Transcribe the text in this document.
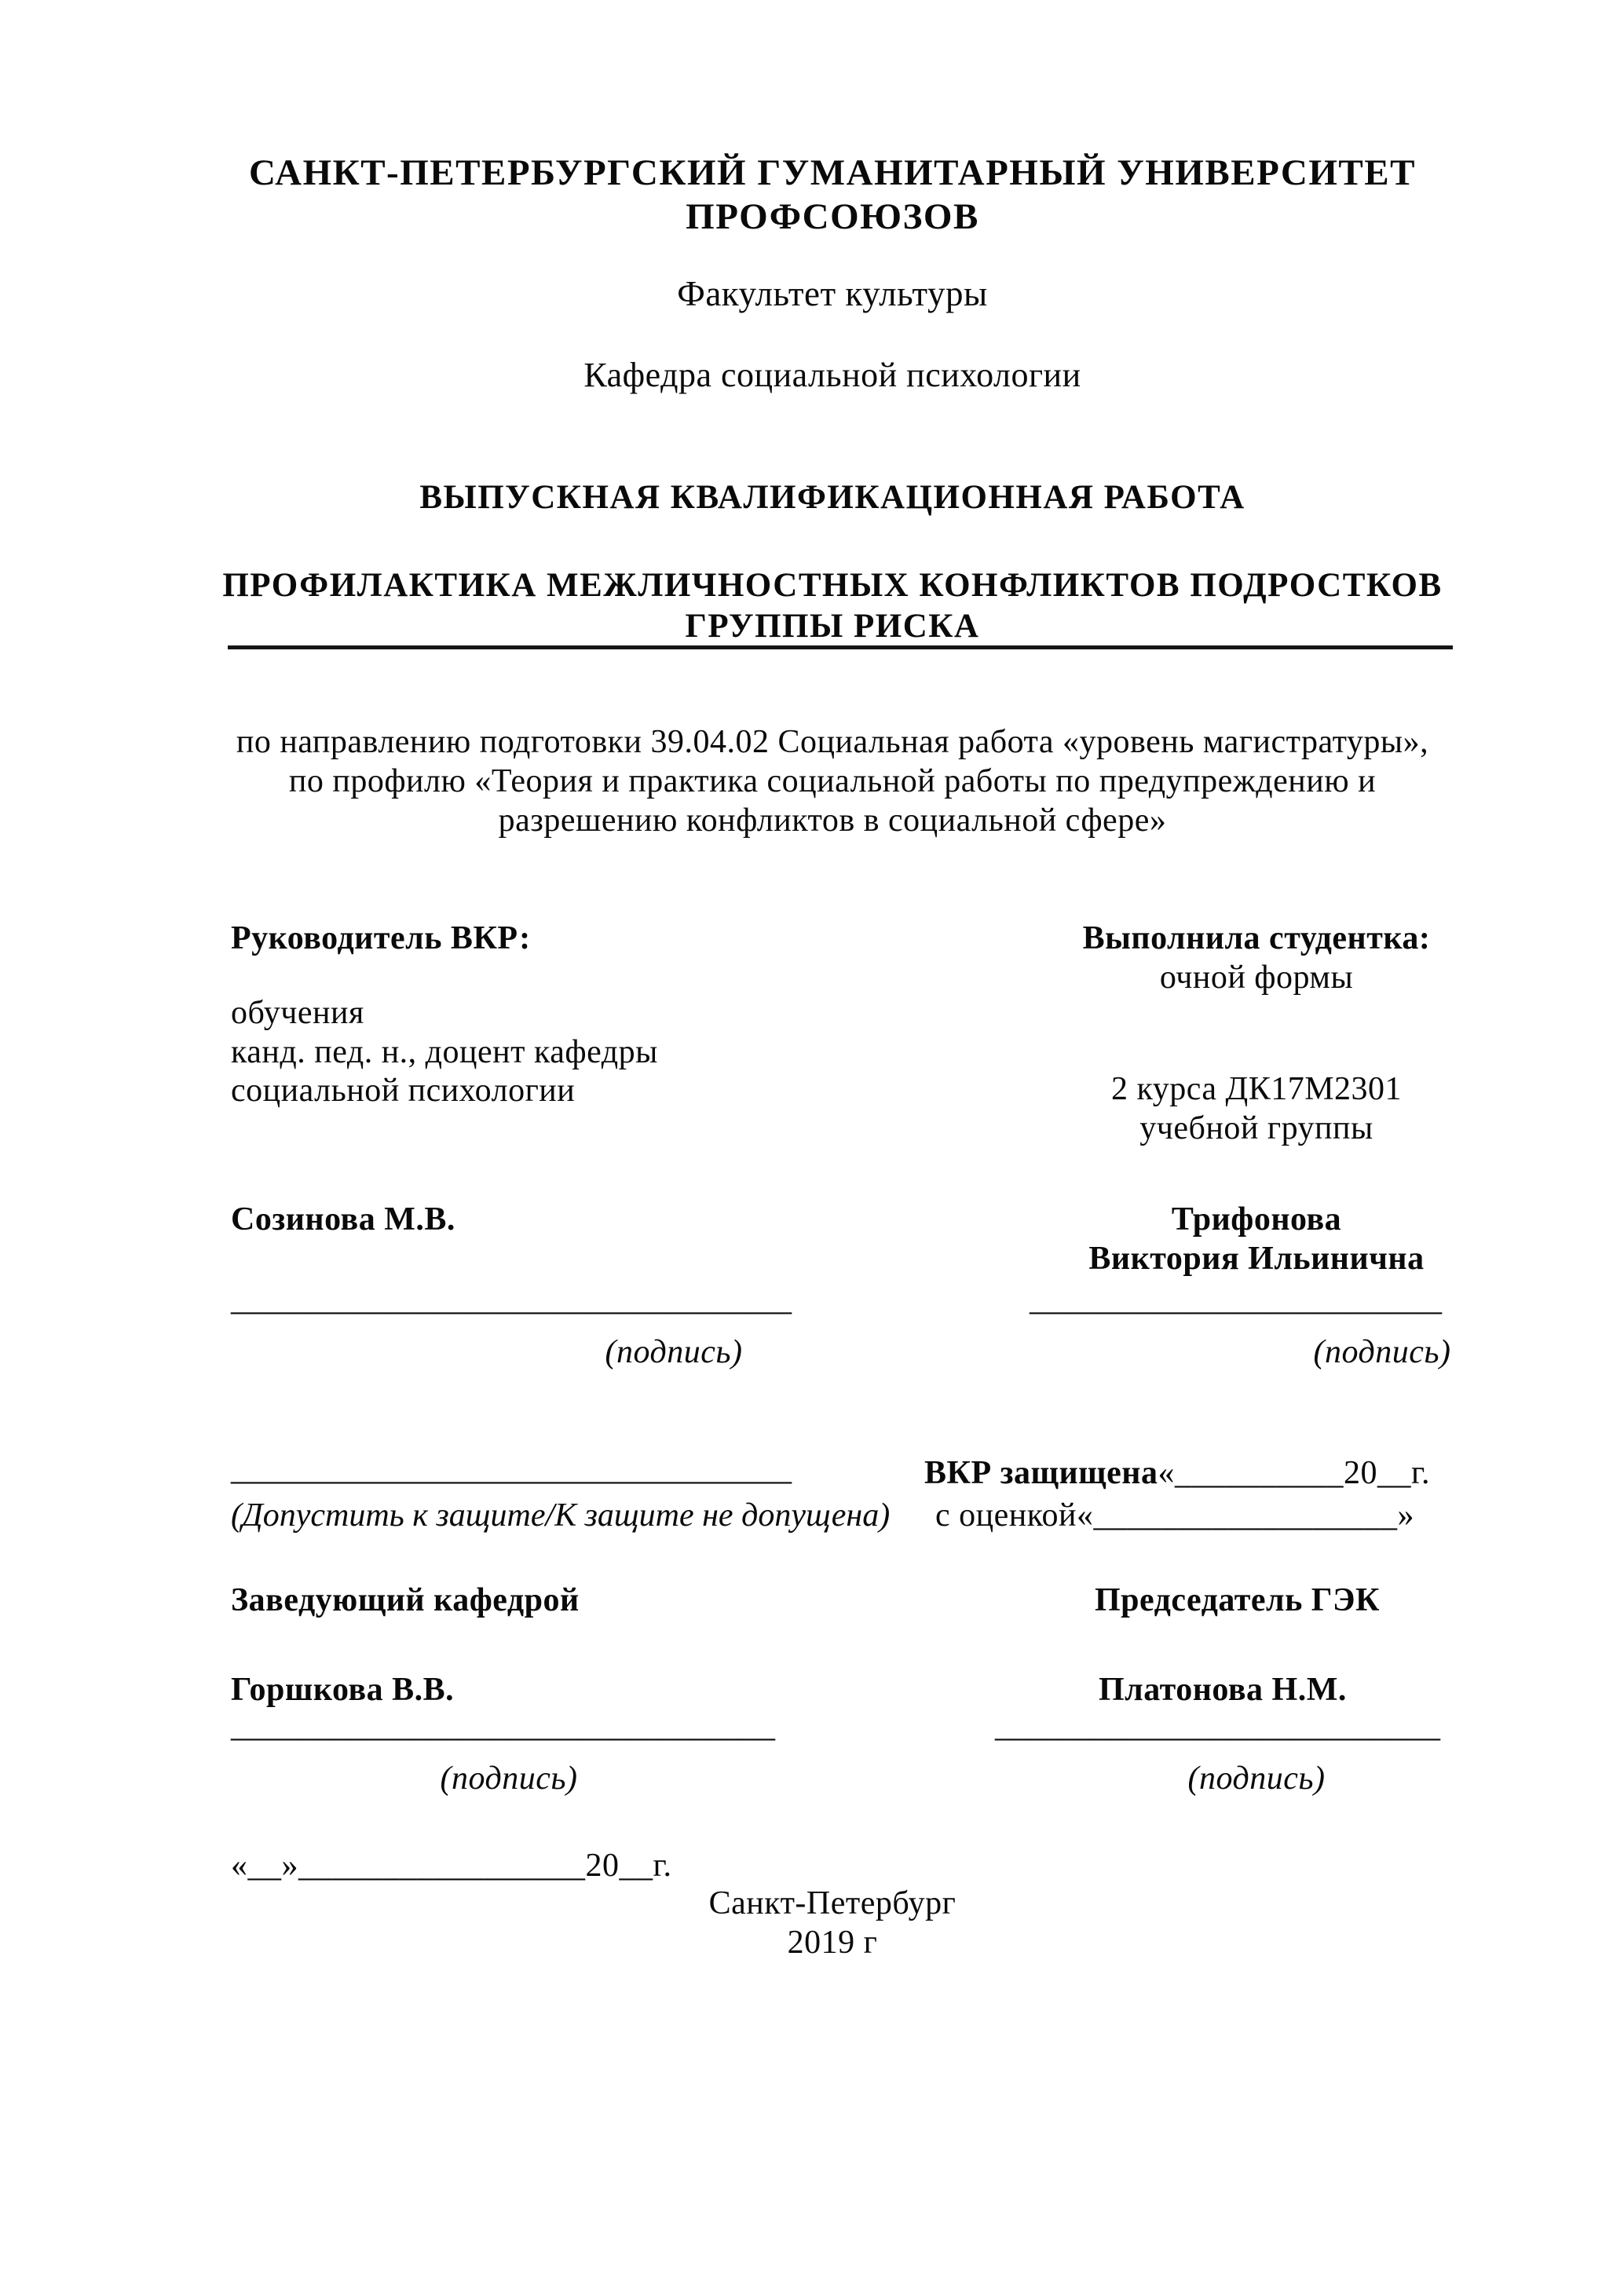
САНКТ-ПЕТЕРБУРГСКИЙ ГУМАНИТАРНЫЙ УНИВЕРСИТЕТ
ПРОФСОЮЗОВ
Факультет культуры
Кафедра социальной психологии
ВЫПУСКНАЯ КВАЛИФИКАЦИОННАЯ РАБОТА
ПРОФИЛАКТИКА МЕЖЛИЧНОСТНЫХ КОНФЛИКТОВ ПОДРОСТКОВ
ГРУППЫ РИСКА
по направлению подготовки 39.04.02 Социальная работа «уровень магистратуры»,
по профилю «Теория и практика социальной работы по предупреждению и
разрешению конфликтов в социальной сфере»
Руководитель ВКР:
обучения
канд. пед. н., доцент кафедры
социальной психологии
Созинова М.В.
__________________________________
(подпись)
Выполнила студентка:
очной формы
2 курса ДК17М2301
учебной группы
Трифонова
Виктория Ильинична
_________________________
(подпись)
__________________________________
(Допустить к защите/К защите не допущена)
ВКР защищена«__________20__г.
с оценкой«__________________»
Заведующий кафедрой	Председатель ГЭК
Горшкова В.В.	Платонова Н.М.
_________________________________	___________________________
(подпись)	(подпись)
«__»_________________20__г.
Санкт-Петербург
2019 г
